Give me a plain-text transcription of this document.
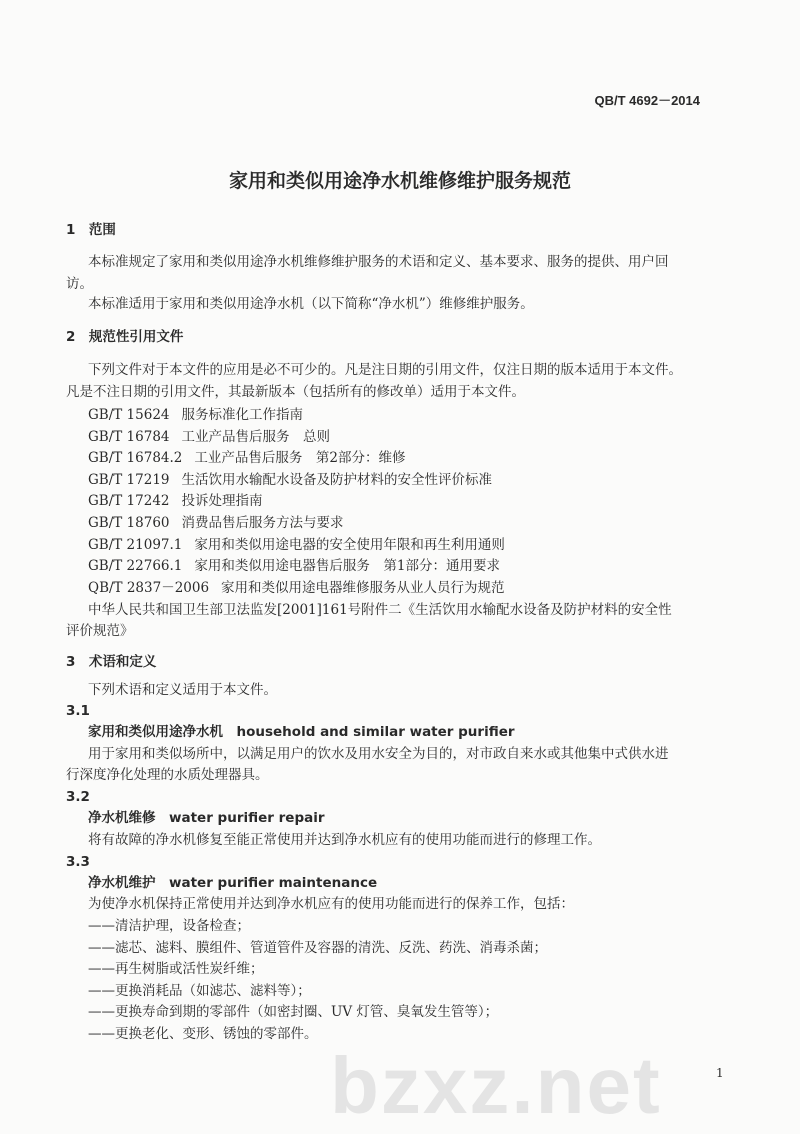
QB/T 4692－2014
家用和类似用途净水机维修维护服务规范
1　范围
本标准规定了家用和类似用途净水机维修维护服务的术语和定义、基本要求、服务的提供、用户回
访。
本标准适用于家用和类似用途净水机（以下简称“净水机”）维修维护服务。
2　规范性引用文件
下列文件对于本文件的应用是必不可少的。凡是注日期的引用文件，仅注日期的版本适用于本文件。
凡是不注日期的引用文件，其最新版本（包括所有的修改单）适用于本文件。
GB/T 15624 服务标准化工作指南
GB/T 16784 工业产品售后服务　总则
GB/T 16784.2 工业产品售后服务　第2部分：维修
GB/T 17219 生活饮用水输配水设备及防护材料的安全性评价标准
GB/T 17242 投诉处理指南
GB/T 18760 消费品售后服务方法与要求
GB/T 21097.1 家用和类似用途电器的安全使用年限和再生利用通则
GB/T 22766.1 家用和类似用途电器售后服务　第1部分：通用要求
QB/T 2837－2006 家用和类似用途电器维修服务从业人员行为规范
中华人民共和国卫生部卫法监发[2001]161号附件二《生活饮用水输配水设备及防护材料的安全性
评价规范》
3　术语和定义
下列术语和定义适用于本文件。
3.1
家用和类似用途净水机　household and similar water purifier
用于家用和类似场所中，以满足用户的饮水及用水安全为目的，对市政自来水或其他集中式供水进
行深度净化处理的水质处理器具。
3.2
净水机维修　water purifier repair
将有故障的净水机修复至能正常使用并达到净水机应有的使用功能而进行的修理工作。
3.3
净水机维护　water purifier maintenance
为使净水机保持正常使用并达到净水机应有的使用功能而进行的保养工作，包括：
——清洁护理，设备检查；
——滤芯、滤料、膜组件、管道管件及容器的清洗、反洗、药洗、消毒杀菌；
——再生树脂或活性炭纤维；
——更换消耗品（如滤芯、滤料等）；
——更换寿命到期的零部件（如密封圈、UV 灯管、臭氧发生管等）；
——更换老化、变形、锈蚀的零部件。
bzxz.net	1
